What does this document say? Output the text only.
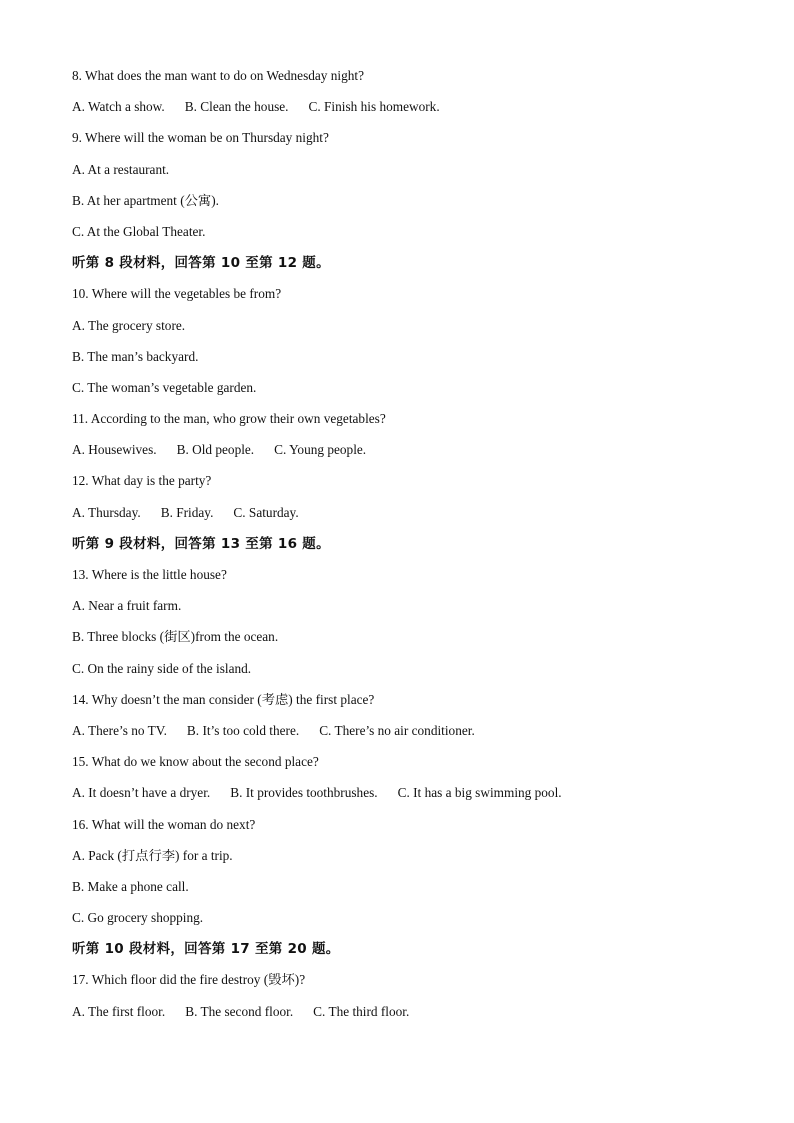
8. What does the man want to do on Wednesday night?
A. Watch a show. B. Clean the house. C. Finish his homework.
9. Where will the woman be on Thursday night?
A. At a restaurant.
B. At her apartment (公寓).
C. At the Global Theater.
听第 8 段材料，回答第 10 至第 12 题。
10. Where will the vegetables be from?
A. The grocery store.
B. The man’s backyard.
C. The woman’s vegetable garden.
11. According to the man, who grow their own vegetables?
A. Housewives. B. Old people. C. Young people.
12. What day is the party?
A. Thursday. B. Friday. C. Saturday.
听第 9 段材料，回答第 13 至第 16 题。
13. Where is the little house?
A. Near a fruit farm.
B. Three blocks (街区)from the ocean.
C. On the rainy side of the island.
14. Why doesn’t the man consider (考虑) the first place?
A. There’s no TV. B. It’s too cold there. C. There’s no air conditioner.
15. What do we know about the second place?
A. It doesn’t have a dryer. B. It provides toothbrushes. C. It has a big swimming pool.
16. What will the woman do next?
A. Pack (打点行李) for a trip.
B. Make a phone call.
C. Go grocery shopping.
听第 10 段材料，回答第 17 至第 20 题。
17. Which floor did the fire destroy (毁坏)?
A. The first floor. B. The second floor. C. The third floor.
